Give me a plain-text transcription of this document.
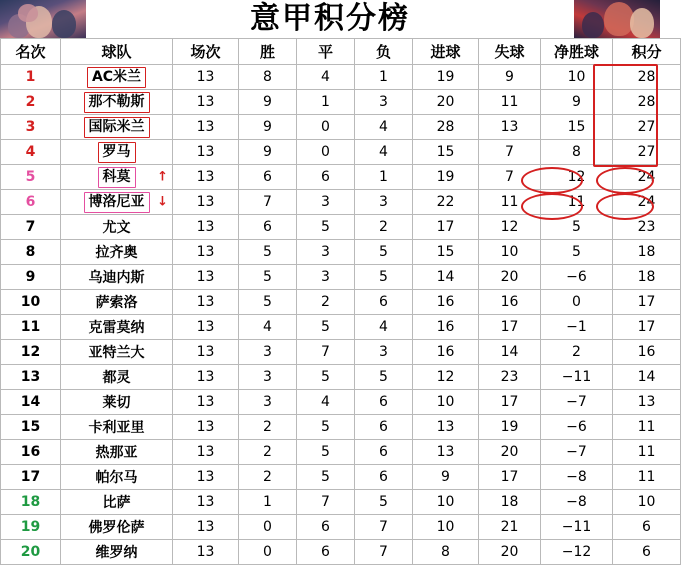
意甲积分榜
名次	球队	场次	胜	平	负	进球	失球	净胜球	积分
1	AC米兰	13	8	4	1	19	9	10	28
2	那不勒斯	13	9	1	3	20	11	9	28
3	国际米兰	13	9	0	4	28	13	15	27
4	罗马	13	9	0	4	15	7	8	27
5	科莫 ↑	13	6	6	1	19	7	12	24
6	博洛尼亚 ↓	13	7	3	3	22	11	11	24
7	尤文	13	6	5	2	17	12	5	23
8	拉齐奥	13	5	3	5	15	10	5	18
9	乌迪内斯	13	5	3	5	14	20	−6	18
10	萨索洛	13	5	2	6	16	16	0	17
11	克雷莫纳	13	4	5	4	16	17	−1	17
12	亚特兰大	13	3	7	3	16	14	2	16
13	都灵	13	3	5	5	12	23	−11	14
14	莱切	13	3	4	6	10	17	−7	13
15	卡利亚里	13	2	5	6	13	19	−6	11
16	热那亚	13	2	5	6	13	20	−7	11
17	帕尔马	13	2	5	6	9	17	−8	11
18	比萨	13	1	7	5	10	18	−8	10
19	佛罗伦萨	13	0	6	7	10	21	−11	6
20	维罗纳	13	0	6	7	8	20	−12	6
